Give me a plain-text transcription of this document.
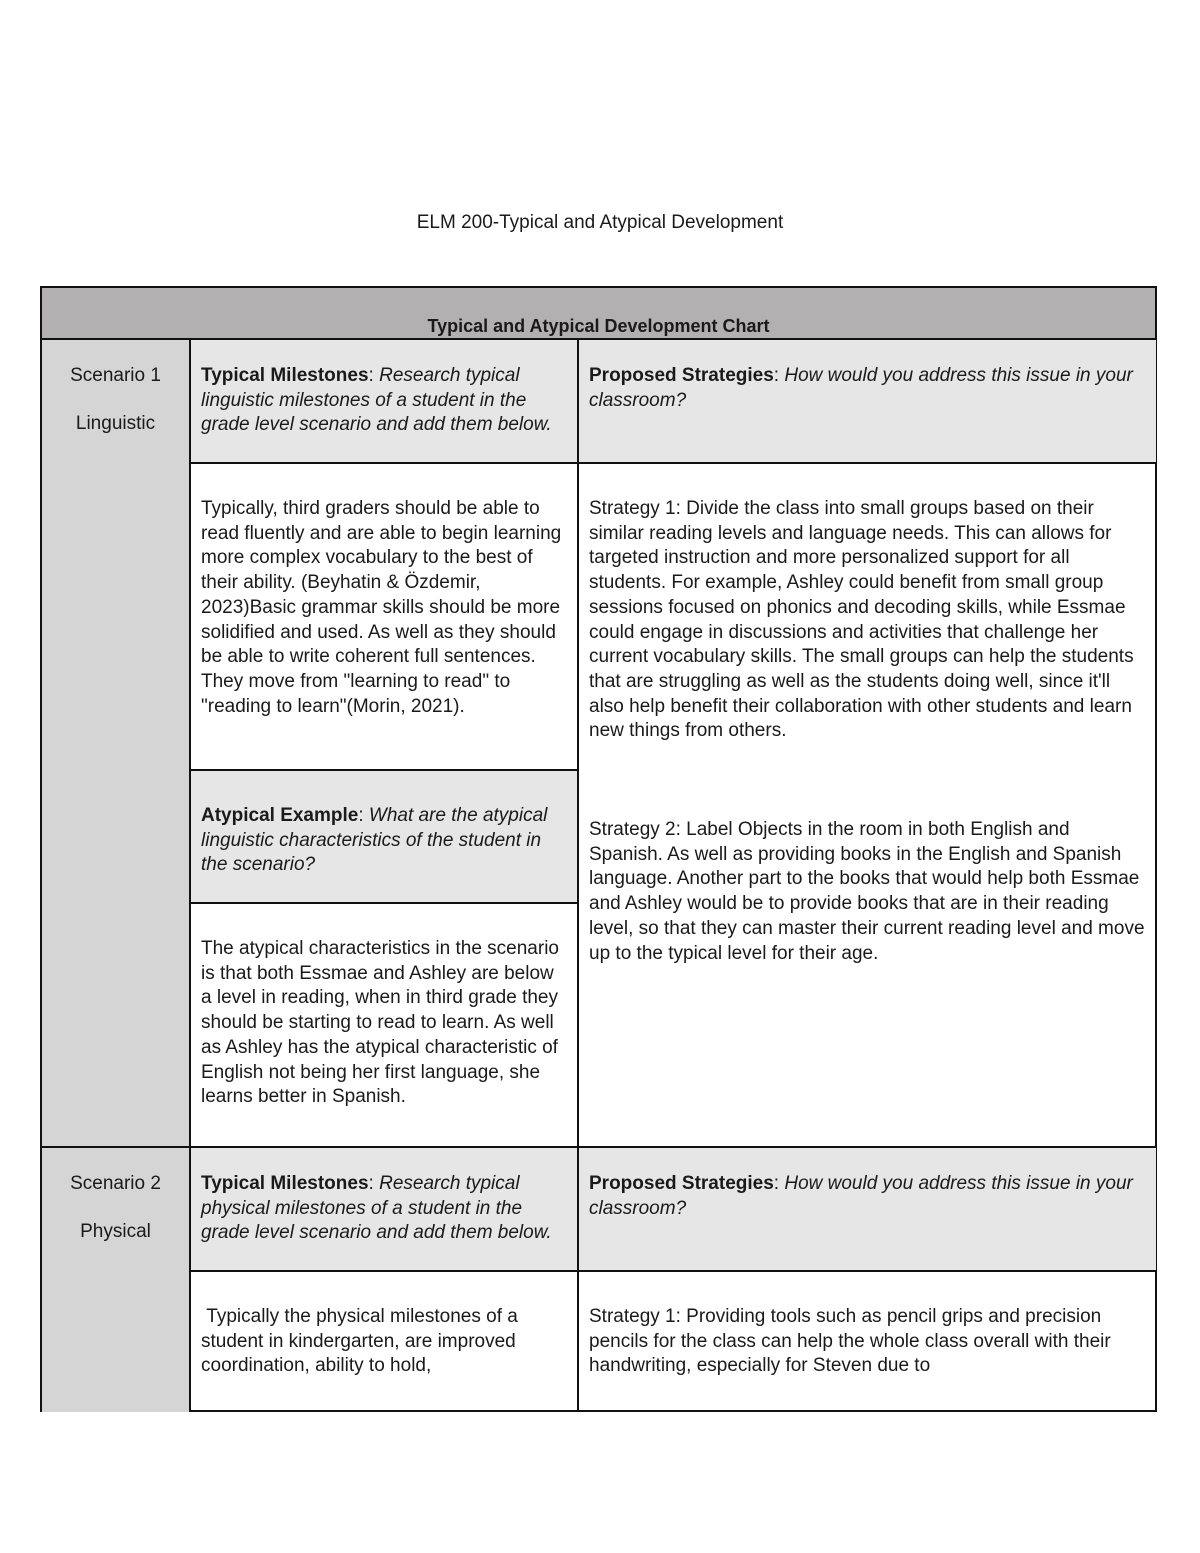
ELM 200-Typical and Atypical Development
Typical and Atypical Development Chart
Scenario 1
Linguistic
Typical Milestones: Research typical linguistic milestones of a student in the grade level scenario and add them below.

Typically, third graders should be able to read fluently and are able to begin learning more complex vocabulary to the best of their ability. (Beyhatin & Özdemir, 2023)Basic grammar skills should be more solidified and used. As well as they should be able to write coherent full sentences. They move from "learning to read" to "reading to learn"(Morin, 2021).

Atypical Example: What are the atypical linguistic characteristics of the student in the scenario?

The atypical characteristics in the scenario is that both Essmae and Ashley are below a level in reading, when in third grade they should be starting to read to learn. As well as Ashley has the atypical characteristic of English not being her first language, she learns better in Spanish.

Proposed Strategies: How would you address this issue in your classroom?

Strategy 1: Divide the class into small groups based on their similar reading levels and language needs. This can allows for targeted instruction and more personalized support for all students. For example, Ashley could benefit from small group sessions focused on phonics and decoding skills, while Essmae could engage in discussions and activities that challenge her current vocabulary skills. The small groups can help the students that are struggling as well as the students doing well, since it'll also help benefit their collaboration with other students and learn new things from others.

Strategy 2: Label Objects in the room in both English and Spanish. As well as providing books in the English and Spanish language. Another part to the books that would help both Essmae and Ashley would be to provide books that are in their reading level, so that they can master their current reading level and move up to the typical level for their age.

Scenario 2
Physical
Typical Milestones: Research typical physical milestones of a student in the grade level scenario and add them below.

Typically the physical milestones of a student in kindergarten, are improved coordination, ability to hold,

Proposed Strategies: How would you address this issue in your classroom?

Strategy 1: Providing tools such as pencil grips and precision pencils for the class can help the whole class overall with their handwriting, especially for Steven due to
